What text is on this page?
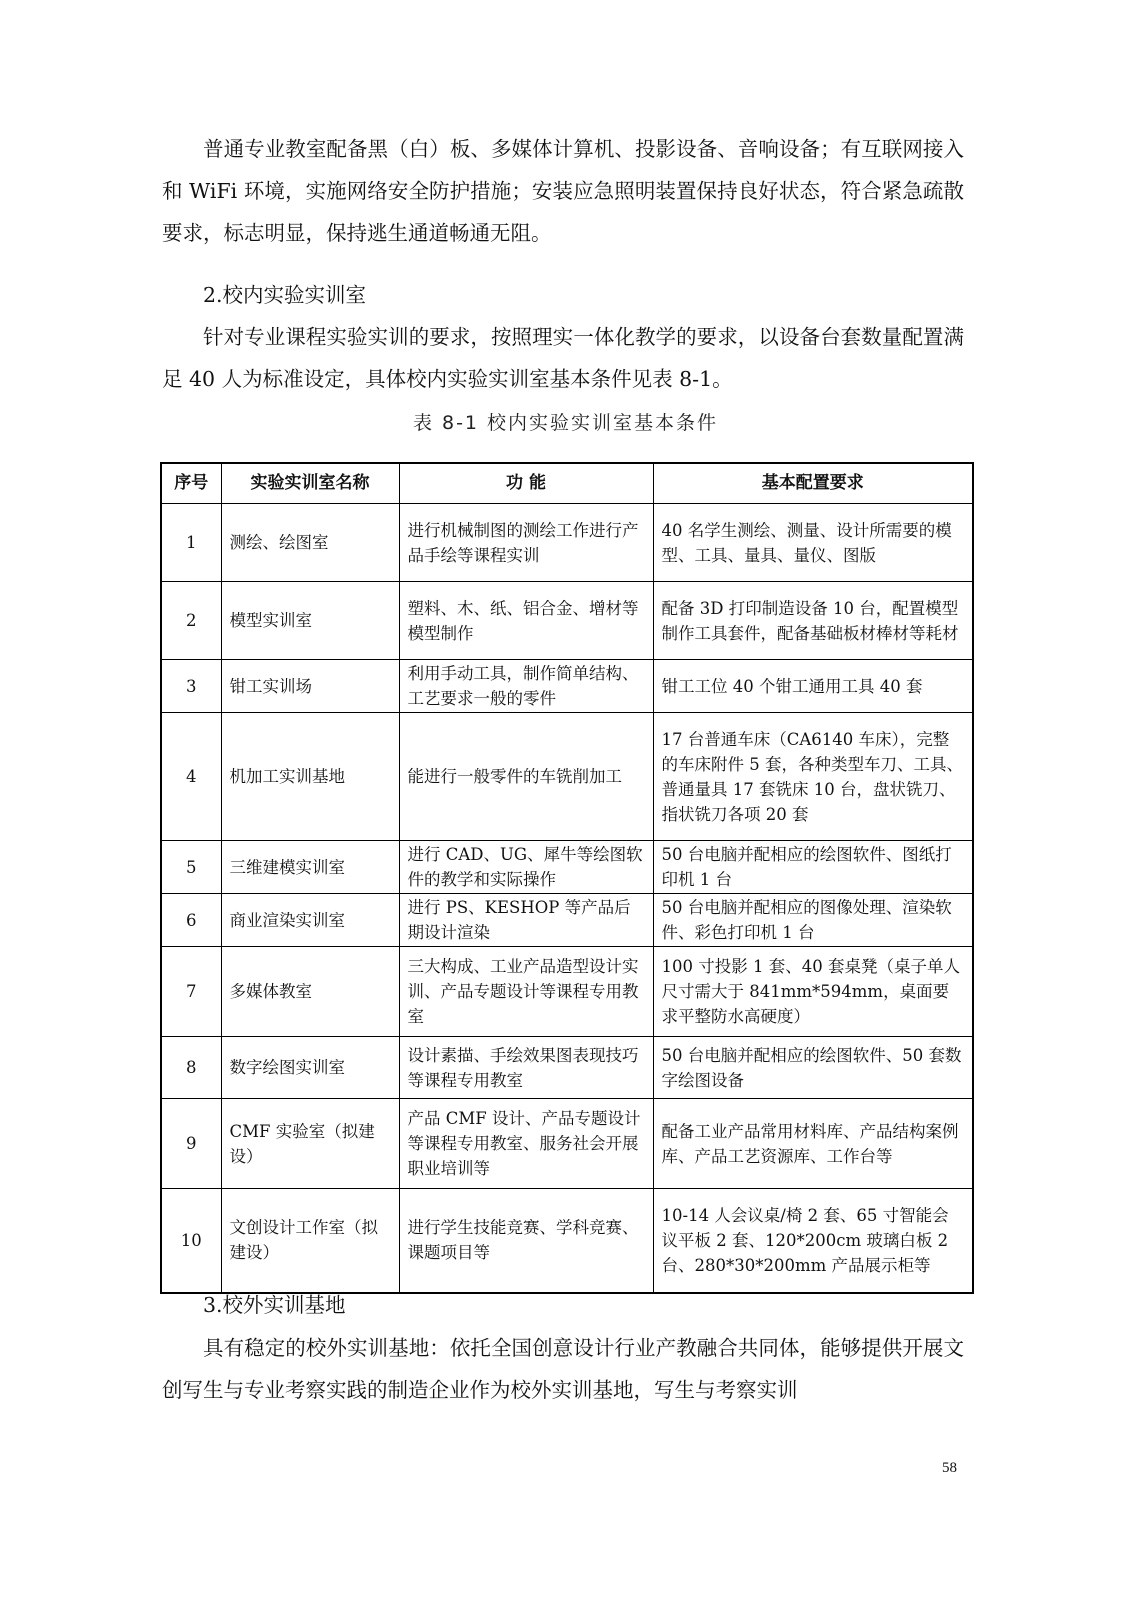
普通专业教室配备黑（白）板、多媒体计算机、投影设备、音响设备；有互联网接入和 WiFi 环境，实施网络安全防护措施；安装应急照明装置保持良好状态，符合紧急疏散要求，标志明显，保持逃生通道畅通无阻。

2.校内实验实训室

针对专业课程实验实训的要求，按照理实一体化教学的要求，以设备台套数量配置满足 40 人为标准设定，具体校内实验实训室基本条件见表 8-1。

表 8-1 校内实验实训室基本条件
序号	实验实训室名称	功 能	基本配置要求
1	测绘、绘图室	进行机械制图的测绘工作进行产品手绘等课程实训	40 名学生测绘、测量、设计所需要的模型、工具、量具、量仪、图版
2	模型实训室	塑料、木、纸、铝合金、增材等模型制作	配备 3D 打印制造设备 10 台，配置模型制作工具套件，配备基础板材棒材等耗材
3	钳工实训场	利用手动工具，制作简单结构、工艺要求一般的零件	钳工工位 40 个钳工通用工具 40 套
4	机加工实训基地	能进行一般零件的车铣削加工	17 台普通车床（CA6140 车床），完整的车床附件 5 套，各种类型车刀、工具、普通量具 17 套铣床 10 台，盘状铣刀、指状铣刀各项 20 套
5	三维建模实训室	进行 CAD、UG、犀牛等绘图软件的教学和实际操作	50 台电脑并配相应的绘图软件、图纸打印机 1 台
6	商业渲染实训室	进行 PS、KESHOP 等产品后期设计渲染	50 台电脑并配相应的图像处理、渲染软件、彩色打印机 1 台
7	多媒体教室	三大构成、工业产品造型设计实训、产品专题设计等课程专用教室	100 寸投影 1 套、40 套桌凳（桌子单人尺寸需大于 841mm*594mm，桌面要求平整防水高硬度）
8	数字绘图实训室	设计素描、手绘效果图表现技巧等课程专用教室	50 台电脑并配相应的绘图软件、50 套数字绘图设备
9	CMF 实验室（拟建设）	产品 CMF 设计、产品专题设计等课程专用教室、服务社会开展职业培训等	配备工业产品常用材料库、产品结构案例库、产品工艺资源库、工作台等
10	文创设计工作室（拟建设）	进行学生技能竞赛、学科竞赛、课题项目等	10-14 人会议桌/椅 2 套、65 寸智能会议平板 2 套、120*200cm 玻璃白板 2 台、280*30*200mm 产品展示柜等

3.校外实训基地

具有稳定的校外实训基地：依托全国创意设计行业产教融合共同体，能够提供开展文创写生与专业考察实践的制造企业作为校外实训基地，写生与考察实训

58
